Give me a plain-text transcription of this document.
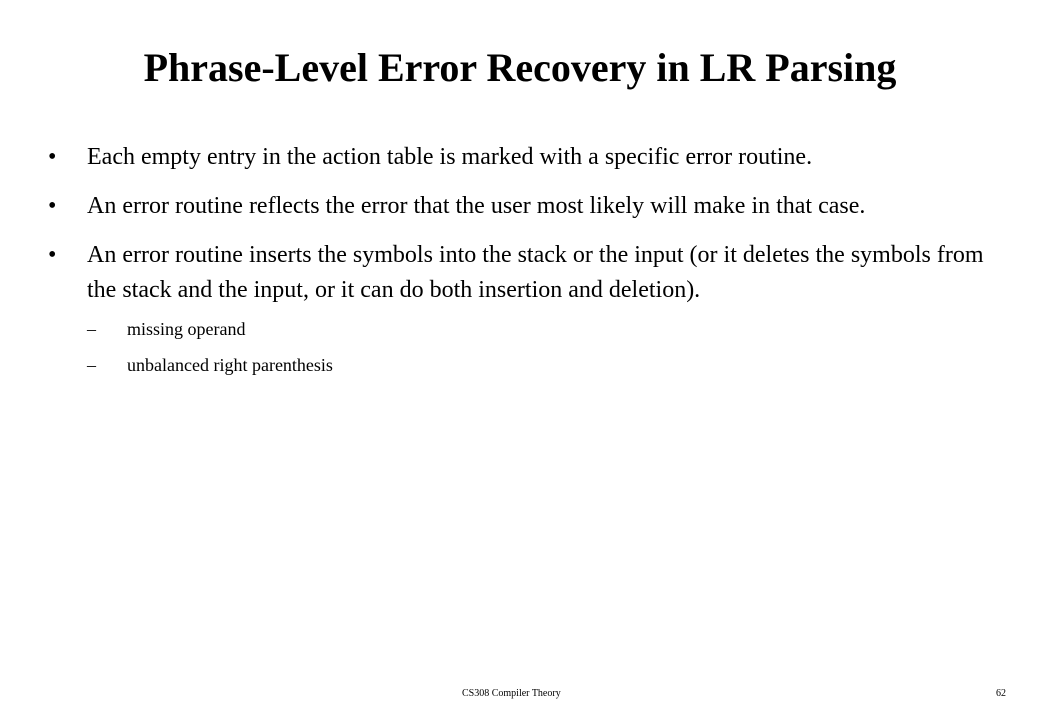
Phrase-Level Error Recovery in LR Parsing
• Each empty entry in the action table is marked with a specific error routine.
• An error routine reflects the error that the user most likely will make in that case.
• An error routine inserts the symbols into the stack or the input (or it deletes the symbols from the stack and the input, or it can do both insertion and deletion).
– missing operand
– unbalanced right parenthesis
CS308 Compiler Theory	62
